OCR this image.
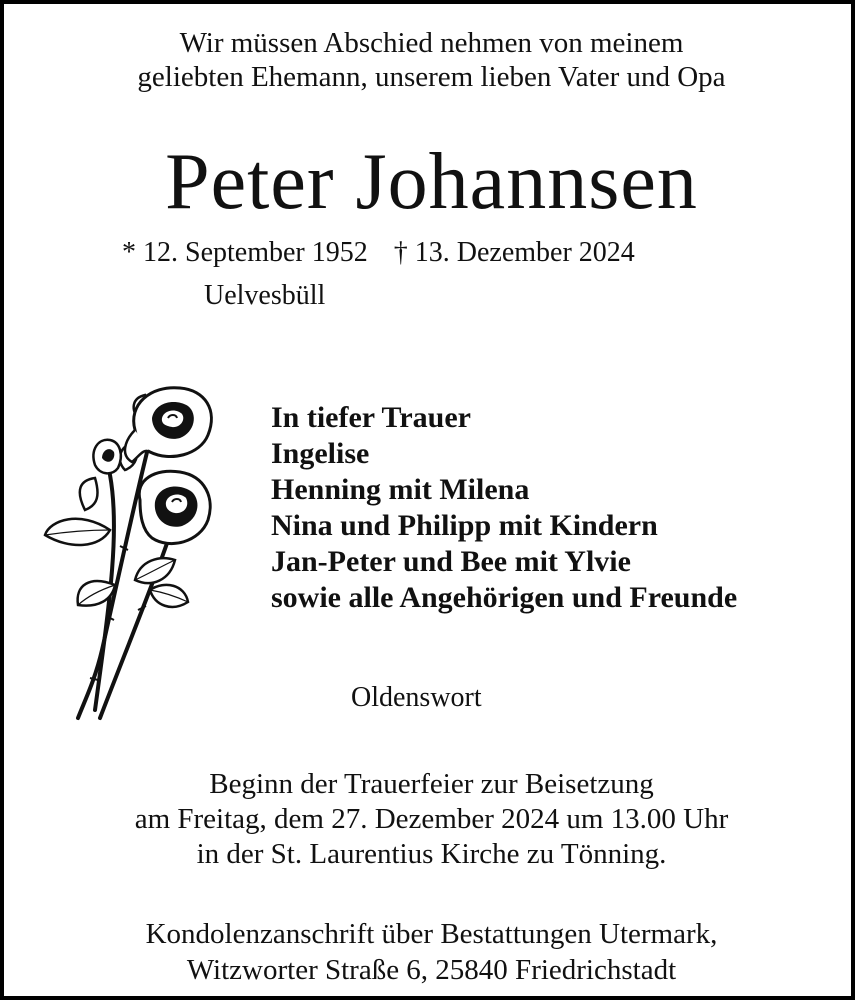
Wir müssen Abschied nehmen von meinem
geliebten Ehemann, unserem lieben Vater und Opa
Peter Johannsen
* 12. September 1952 † 13. Dezember 2024
Uelvesbüll
In tiefer Trauer
Ingelise
Henning mit Milena
Nina und Philipp mit Kindern
Jan-Peter und Bee mit Ylvie
sowie alle Angehörigen und Freunde
Oldenswort
Beginn der Trauerfeier zur Beisetzung
am Freitag, dem 27. Dezember 2024 um 13.00 Uhr
in der St. Laurentius Kirche zu Tönning.
Kondolenzanschrift über Bestattungen Utermark,
Witzworter Straße 6, 25840 Friedrichstadt
